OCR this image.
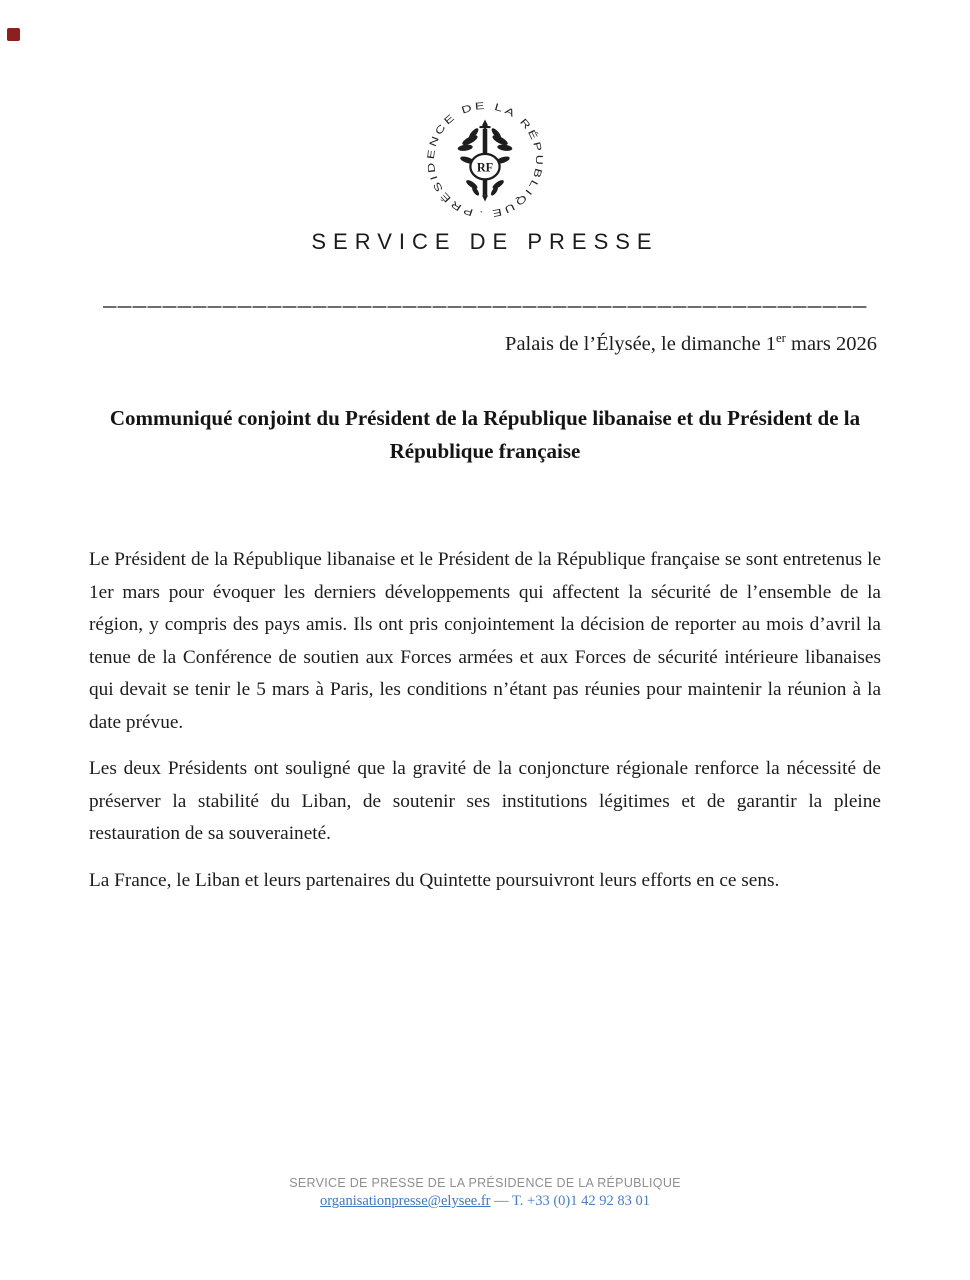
PRÉSIDENCE DE LA RÉPUBLIQUE
·
RF
SERVICE DE PRESSE
Palais de l’Élysée, le dimanche 1er mars 2026
Communiqué conjoint du Président de la République libanaise et du Président de la
République française

Le Président de la République libanaise et le Président de la République française se sont entretenus le 1er mars pour évoquer les derniers développements qui affectent la sécurité de l’ensemble de la région, y compris des pays amis. Ils ont pris conjointement la décision de reporter au mois d’avril la tenue de la Conférence de soutien aux Forces armées et aux Forces de sécurité intérieure libanaises qui devait se tenir le 5 mars à Paris, les conditions n’étant pas réunies pour maintenir la réunion à la date prévue.

Les deux Présidents ont souligné que la gravité de la conjoncture régionale renforce la nécessité de préserver la stabilité du Liban, de soutenir ses institutions légitimes et de garantir la pleine restauration de sa souveraineté.

La France, le Liban et leurs partenaires du Quintette poursuivront leurs efforts en ce sens.

SERVICE DE PRESSE DE LA PRÉSIDENCE DE LA RÉPUBLIQUE
organisationpresse@elysee.fr — T. +33 (0)1 42 92 83 01
